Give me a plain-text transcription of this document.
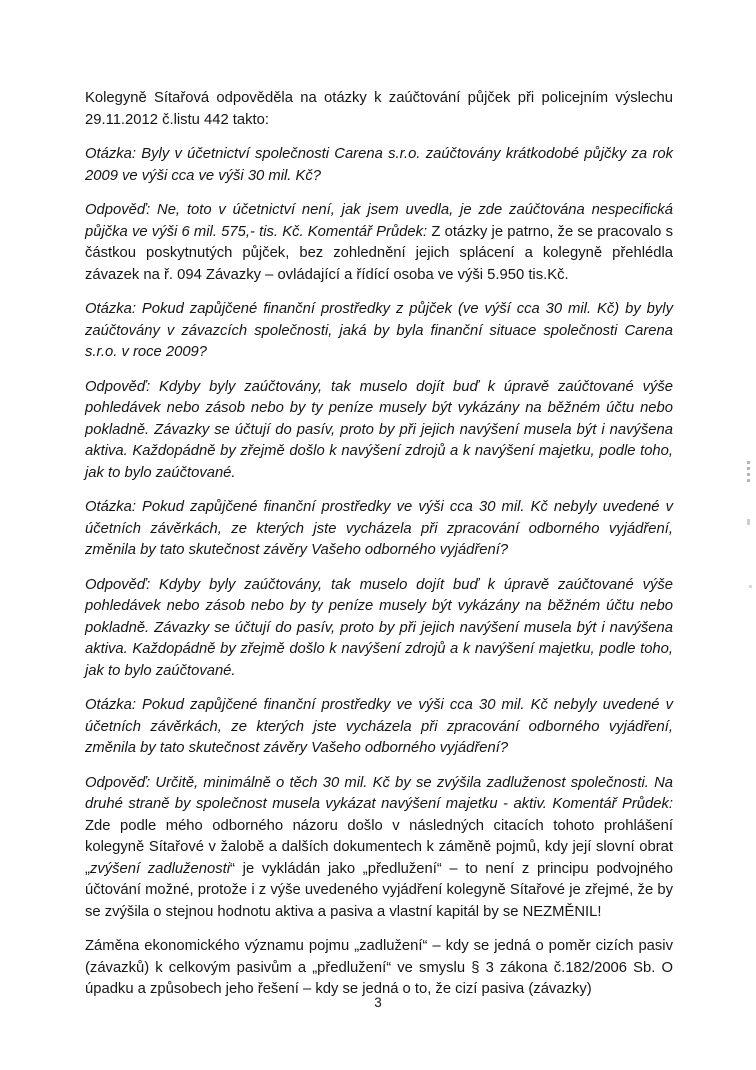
Kolegyně Sítařová odpověděla na otázky k zaúčtování půjček při policejním výslechu 29.11.2012 č.listu 442 takto:

Otázka: Byly v účetnictví společnosti Carena s.r.o. zaúčtovány krátkodobé půjčky za rok 2009 ve výši cca ve výši 30 mil. Kč?

Odpověď: Ne, toto v účetnictví není, jak jsem uvedla, je zde zaúčtována nespecifická půjčka ve výši 6 mil. 575,- tis. Kč. Komentář Průdek: Z otázky je patrno, že se pracovalo s částkou poskytnutých půjček, bez zohlednění jejich splácení a kolegyně přehlédla závazek na ř. 094 Závazky – ovládající a řídící osoba ve výši 5.950 tis.Kč.

Otázka: Pokud zapůjčené finanční prostředky z půjček (ve výší cca 30 mil. Kč) by byly zaúčtovány v závazcích společnosti, jaká by byla finanční situace společnosti Carena s.r.o. v roce 2009?

Odpověď: Kdyby byly zaúčtovány, tak muselo dojít buď k úpravě zaúčtované výše pohledávek nebo zásob nebo by ty peníze musely být vykázány na běžném účtu nebo pokladně. Závazky se účtují do pasív, proto by při jejich navýšení musela být i navýšena aktiva. Každopádně by zřejmě došlo k navýšení zdrojů a k navýšení majetku, podle toho, jak to bylo zaúčtované.

Otázka: Pokud zapůjčené finanční prostředky ve výši cca 30 mil. Kč nebyly uvedené v účetních závěrkách, ze kterých jste vycházela při zpracování odborného vyjádření, změnila by tato skutečnost závěry Vašeho odborného vyjádření?

Odpověď: Kdyby byly zaúčtovány, tak muselo dojít buď k úpravě zaúčtované výše pohledávek nebo zásob nebo by ty peníze musely být vykázány na běžném účtu nebo pokladně. Závazky se účtují do pasív, proto by při jejich navýšení musela být i navýšena aktiva. Každopádně by zřejmě došlo k navýšení zdrojů a k navýšení majetku, podle toho, jak to bylo zaúčtované.

Otázka: Pokud zapůjčené finanční prostředky ve výši cca 30 mil. Kč nebyly uvedené v účetních závěrkách, ze kterých jste vycházela při zpracování odborného vyjádření, změnila by tato skutečnost závěry Vašeho odborného vyjádření?

Odpověď: Určitě, minimálně o těch 30 mil. Kč by se zvýšila zadluženost společnosti. Na druhé straně by společnost musela vykázat navýšení majetku - aktiv. Komentář Průdek: Zde podle mého odborného názoru došlo v následných citacích tohoto prohlášení kolegyně Sítařové v žalobě a dalších dokumentech k záměně pojmů, kdy její slovní obrat „zvýšení zadluženosti“ je vykládán jako „předlužení“ – to není z principu podvojného účtování možné, protože i z výše uvedeného vyjádření kolegyně Sítařové je zřejmé, že by se zvýšila o stejnou hodnotu aktiva a pasiva a vlastní kapitál by se NEZMĚNIL!

Záměna ekonomického významu pojmu „zadlužení“ – kdy se jedná o poměr cizích pasiv (závazků) k celkovým pasivům a „předlužení“ ve smyslu § 3 zákona č.182/2006 Sb. O úpadku a způsobech jeho řešení – kdy se jedná o to, že cizí pasiva (závazky)

3
